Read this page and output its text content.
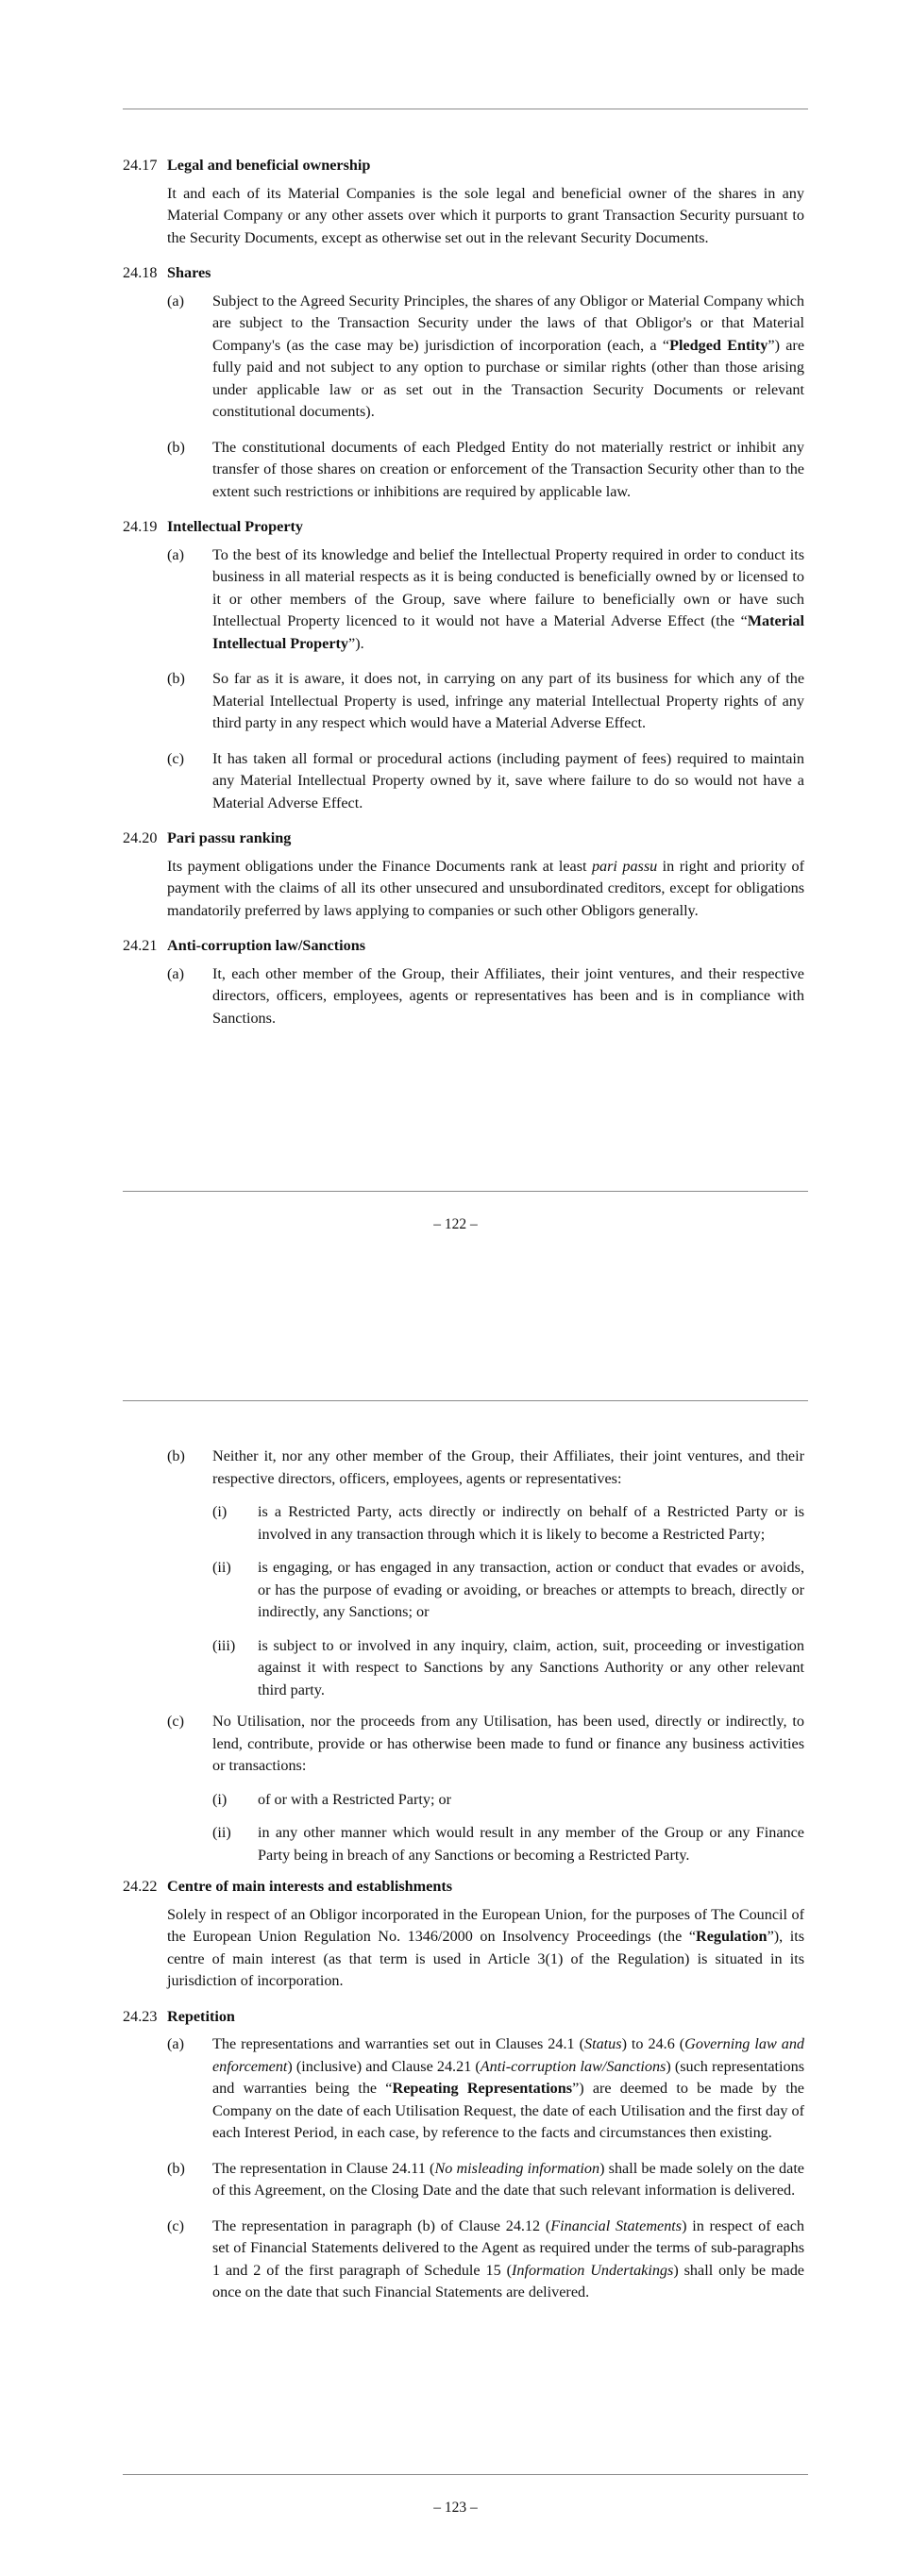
24.17 Legal and beneficial ownership

It and each of its Material Companies is the sole legal and beneficial owner of the shares in any Material Company or any other assets over which it purports to grant Transaction Security pursuant to the Security Documents, except as otherwise set out in the relevant Security Documents.

24.18 Shares
(a)	Subject to the Agreed Security Principles, the shares of any Obligor or Material Company which are subject to the Transaction Security under the laws of that Obligor's or that Material Company's (as the case may be) jurisdiction of incorporation (each, a “Pledged Entity”) are fully paid and not subject to any option to purchase or similar rights (other than those arising under applicable law or as set out in the Transaction Security Documents or relevant constitutional documents).
(b)	The constitutional documents of each Pledged Entity do not materially restrict or inhibit any transfer of those shares on creation or enforcement of the Transaction Security other than to the extent such restrictions or inhibitions are required by applicable law.
24.19 Intellectual Property
(a)	To the best of its knowledge and belief the Intellectual Property required in order to conduct its business in all material respects as it is being conducted is beneficially owned by or licensed to it or other members of the Group, save where failure to beneficially own or have such Intellectual Property licenced to it would not have a Material Adverse Effect (the “Material Intellectual Property”).
(b)	So far as it is aware, it does not, in carrying on any part of its business for which any of the Material Intellectual Property is used, infringe any material Intellectual Property rights of any third party in any respect which would have a Material Adverse Effect.
(c)	It has taken all formal or procedural actions (including payment of fees) required to maintain any Material Intellectual Property owned by it, save where failure to do so would not have a Material Adverse Effect.
24.20 Pari passu ranking

Its payment obligations under the Finance Documents rank at least pari passu in right and priority of payment with the claims of all its other unsecured and unsubordinated creditors, except for obligations mandatorily preferred by laws applying to companies or such other Obligors generally.

24.21 Anti-corruption law/Sanctions
(a)	It, each other member of the Group, their Affiliates, their joint ventures, and their respective directors, officers, employees, agents or representatives has been and is in compliance with Sanctions.
– 122 –
(b)	Neither it, nor any other member of the Group, their Affiliates, their joint ventures, and their respective directors, officers, employees, agents or representatives:
(i)	is a Restricted Party, acts directly or indirectly on behalf of a Restricted Party or is involved in any transaction through which it is likely to become a Restricted Party;
(ii)	is engaging, or has engaged in any transaction, action or conduct that evades or avoids, or has the purpose of evading or avoiding, or breaches or attempts to breach, directly or indirectly, any Sanctions; or
(iii)	is subject to or involved in any inquiry, claim, action, suit, proceeding or investigation against it with respect to Sanctions by any Sanctions Authority or any other relevant third party.
(c)	No Utilisation, nor the proceeds from any Utilisation, has been used, directly or indirectly, to lend, contribute, provide or has otherwise been made to fund or finance any business activities or transactions:
(i)	of or with a Restricted Party; or
(ii)	in any other manner which would result in any member of the Group or any Finance Party being in breach of any Sanctions or becoming a Restricted Party.
24.22 Centre of main interests and establishments

Solely in respect of an Obligor incorporated in the European Union, for the purposes of The Council of the European Union Regulation No. 1346/2000 on Insolvency Proceedings (the “Regulation”), its centre of main interest (as that term is used in Article 3(1) of the Regulation) is situated in its jurisdiction of incorporation.

24.23 Repetition
(a)	The representations and warranties set out in Clauses 24.1 (Status) to 24.6 (Governing law and enforcement) (inclusive) and Clause 24.21 (Anti-corruption law/Sanctions) (such representations and warranties being the “Repeating Representations”) are deemed to be made by the Company on the date of each Utilisation Request, the date of each Utilisation and the first day of each Interest Period, in each case, by reference to the facts and circumstances then existing.
(b)	The representation in Clause 24.11 (No misleading information) shall be made solely on the date of this Agreement, on the Closing Date and the date that such relevant information is delivered.
(c)	The representation in paragraph (b) of Clause 24.12 (Financial Statements) in respect of each set of Financial Statements delivered to the Agent as required under the terms of sub-paragraphs 1 and 2 of the first paragraph of Schedule 15 (Information Undertakings) shall only be made once on the date that such Financial Statements are delivered.
– 123 –
